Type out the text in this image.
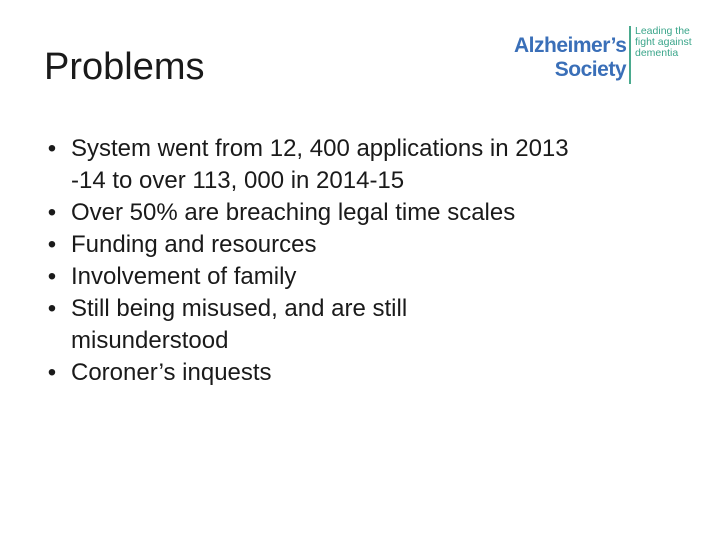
Problems
Alzheimer’s
Society
Leading the
fight against
dementia
• System went from 12, 400 applications in 2013
-14 to over 113, 000 in 2014-15
• Over 50% are breaching legal time scales
• Funding and resources
• Involvement of family
• Still being misused, and are still
misunderstood
• Coroner’s inquests
